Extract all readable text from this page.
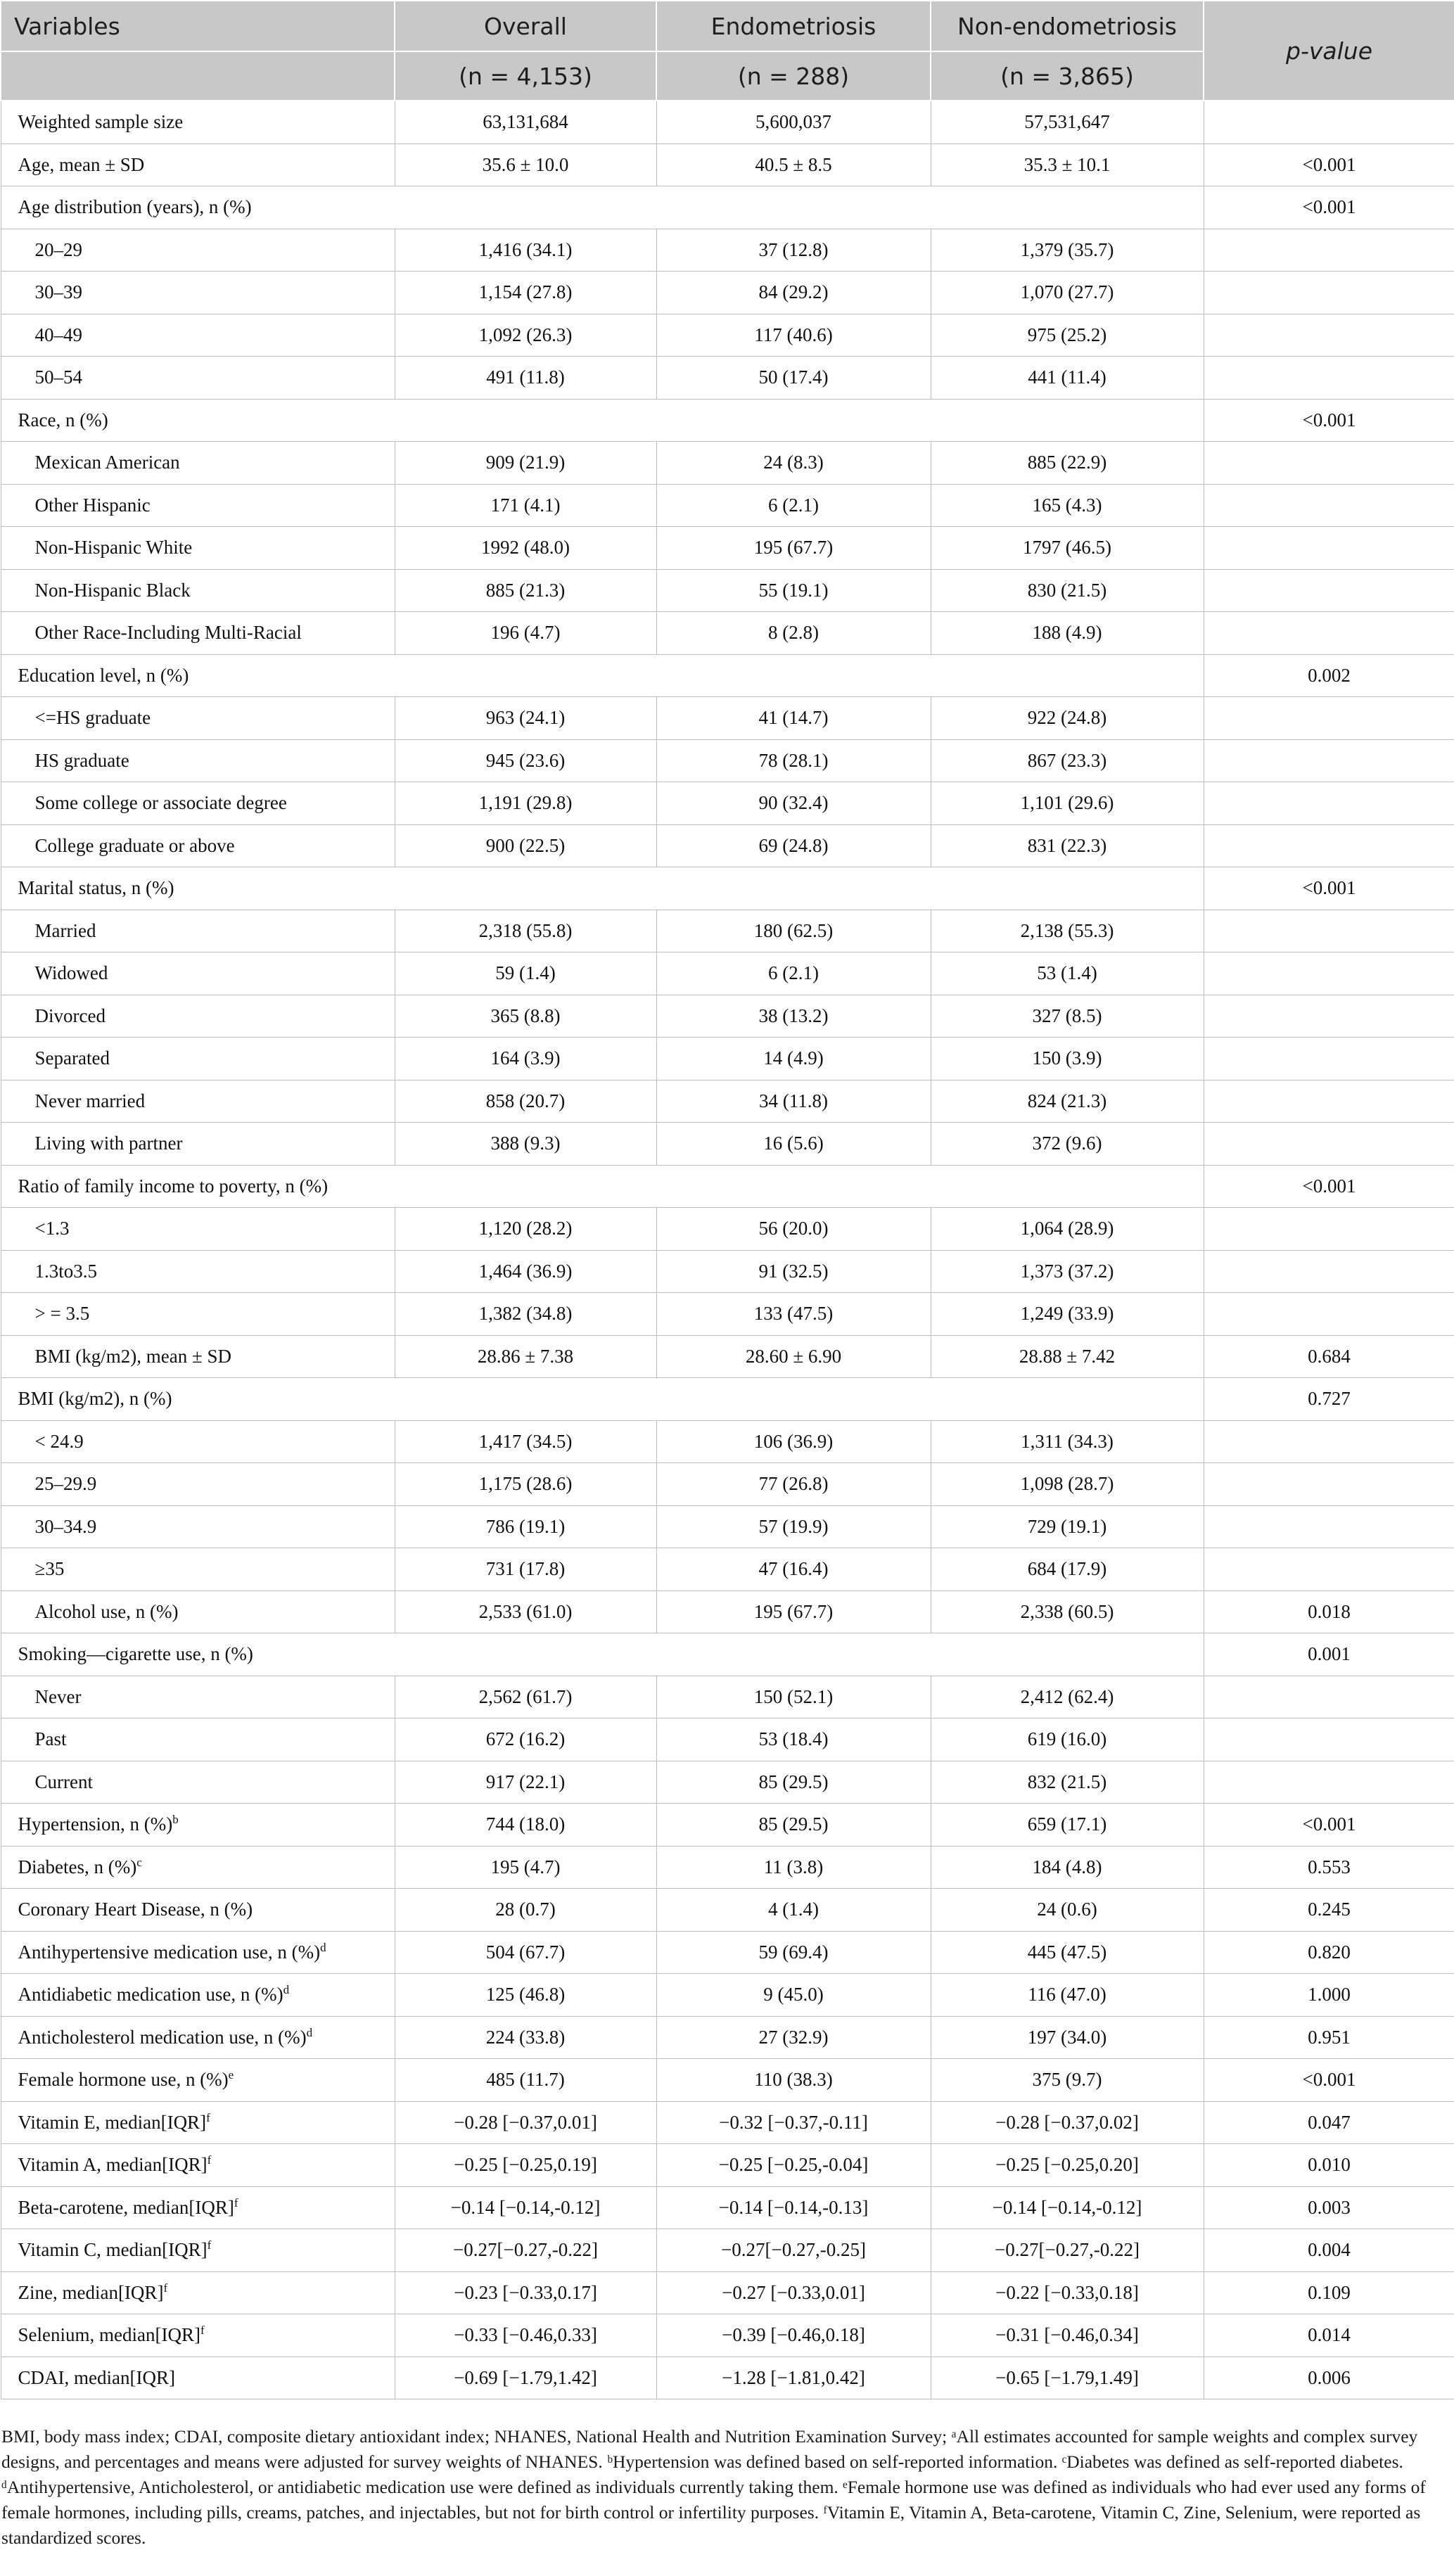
Variables	Overall	Endometriosis	Non-endometriosis	p-value
	(n = 4,153)	(n = 288)	(n = 3,865)	
Weighted sample size	63,131,684	5,600,037	57,531,647	
Age, mean ± SD	35.6 ± 10.0	40.5 ± 8.5	35.3 ± 10.1	<0.001
Age distribution (years), n (%)				<0.001
20–29	1,416 (34.1)	37 (12.8)	1,379 (35.7)	
30–39	1,154 (27.8)	84 (29.2)	1,070 (27.7)	
40–49	1,092 (26.3)	117 (40.6)	975 (25.2)	
50–54	491 (11.8)	50 (17.4)	441 (11.4)	
Race, n (%)				<0.001
Mexican American	909 (21.9)	24 (8.3)	885 (22.9)	
Other Hispanic	171 (4.1)	6 (2.1)	165 (4.3)	
Non-Hispanic White	1992 (48.0)	195 (67.7)	1797 (46.5)	
Non-Hispanic Black	885 (21.3)	55 (19.1)	830 (21.5)	
Other Race-Including Multi-Racial	196 (4.7)	8 (2.8)	188 (4.9)	
Education level, n (%)				0.002
<=HS graduate	963 (24.1)	41 (14.7)	922 (24.8)	
HS graduate	945 (23.6)	78 (28.1)	867 (23.3)	
Some college or associate degree	1,191 (29.8)	90 (32.4)	1,101 (29.6)	
College graduate or above	900 (22.5)	69 (24.8)	831 (22.3)	
Marital status, n (%)				<0.001
Married	2,318 (55.8)	180 (62.5)	2,138 (55.3)	
Widowed	59 (1.4)	6 (2.1)	53 (1.4)	
Divorced	365 (8.8)	38 (13.2)	327 (8.5)	
Separated	164 (3.9)	14 (4.9)	150 (3.9)	
Never married	858 (20.7)	34 (11.8)	824 (21.3)	
Living with partner	388 (9.3)	16 (5.6)	372 (9.6)	
Ratio of family income to poverty, n (%)				<0.001
<1.3	1,120 (28.2)	56 (20.0)	1,064 (28.9)	
1.3to3.5	1,464 (36.9)	91 (32.5)	1,373 (37.2)	
> = 3.5	1,382 (34.8)	133 (47.5)	1,249 (33.9)	
BMI (kg/m2), mean ± SD	28.86 ± 7.38	28.60 ± 6.90	28.88 ± 7.42	0.684
BMI (kg/m2), n (%)				0.727
< 24.9	1,417 (34.5)	106 (36.9)	1,311 (34.3)	
25–29.9	1,175 (28.6)	77 (26.8)	1,098 (28.7)	
30–34.9	786 (19.1)	57 (19.9)	729 (19.1)	
≥35	731 (17.8)	47 (16.4)	684 (17.9)	
Alcohol use, n (%)	2,533 (61.0)	195 (67.7)	2,338 (60.5)	0.018
Smoking—cigarette use, n (%)				0.001
Never	2,562 (61.7)	150 (52.1)	2,412 (62.4)	
Past	672 (16.2)	53 (18.4)	619 (16.0)	
Current	917 (22.1)	85 (29.5)	832 (21.5)	
Hypertension, n (%)$^b$	744 (18.0)	85 (29.5)	659 (17.1)	<0.001
Diabetes, n (%)$^c$	195 (4.7)	11 (3.8)	184 (4.8)	0.553
Coronary Heart Disease, n (%)	28 (0.7)	4 (1.4)	24 (0.6)	0.245
Antihypertensive medication use, n (%)$^d$	504 (67.7)	59 (69.4)	445 (47.5)	0.820
Antidiabetic medication use, n (%)$^d$	125 (46.8)	9 (45.0)	116 (47.0)	1.000
Anticholesterol medication use, n (%)$^d$	224 (33.8)	27 (32.9)	197 (34.0)	0.951
Female hormone use, n (%)$^e$	485 (11.7)	110 (38.3)	375 (9.7)	<0.001
Vitamin E, median[IQR]$^f$	−0.28 [−0.37,0.01]	−0.32 [−0.37,-0.11]	−0.28 [−0.37,0.02]	0.047
Vitamin A, median[IQR]$^f$	−0.25 [−0.25,0.19]	−0.25 [−0.25,-0.04]	−0.25 [−0.25,0.20]	0.010
Beta-carotene, median[IQR]$^f$	−0.14 [−0.14,-0.12]	−0.14 [−0.14,-0.13]	−0.14 [−0.14,-0.12]	0.003
Vitamin C, median[IQR]$^f$	−0.27[−0.27,-0.22]	−0.27[−0.27,-0.25]	−0.27[−0.27,-0.22]	0.004
Zine, median[IQR]$^f$	−0.23 [−0.33,0.17]	−0.27 [−0.33,0.01]	−0.22 [−0.33,0.18]	0.109
Selenium, median[IQR]$^f$	−0.33 [−0.46,0.33]	−0.39 [−0.46,0.18]	−0.31 [−0.46,0.34]	0.014
CDAI, median[IQR]	−0.69 [−1.79,1.42]	−1.28 [−1.81,0.42]	−0.65 [−1.79,1.49]	0.006
BMI, body mass index; CDAI, composite dietary antioxidant index; NHANES, National Health and Nutrition Examination Survey; ᵃAll estimates accounted for sample weights and complex survey designs, and percentages and means were adjusted for survey weights of NHANES. ᵇHypertension was defined based on self-reported information. ᶜDiabetes was defined as self-reported diabetes. ᵈAntihypertensive, Anticholesterol, or antidiabetic medication use were defined as individuals currently taking them. ᵉFemale hormone use was defined as individuals who had ever used any forms of female hormones, including pills, creams, patches, and injectables, but not for birth control or infertility purposes. ᶠVitamin E, Vitamin A, Beta-carotene, Vitamin C, Zine, Selenium, were reported as standardized scores.
